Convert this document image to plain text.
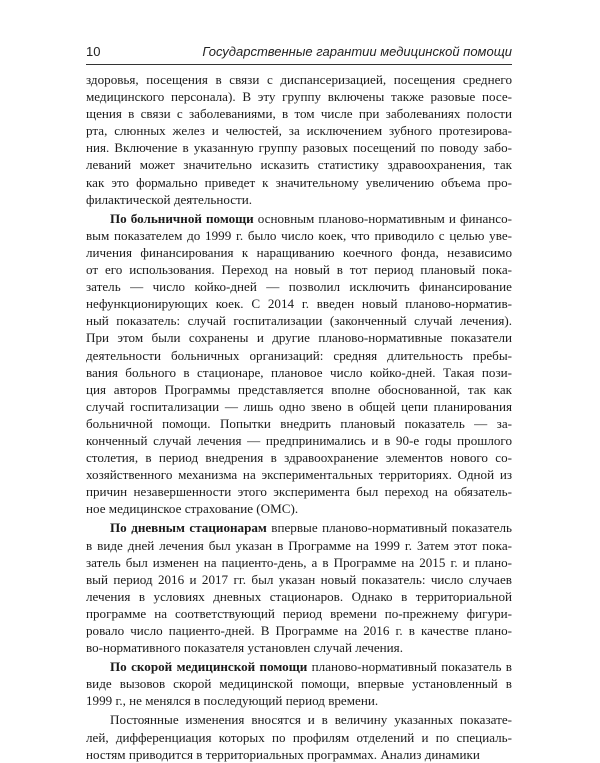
10	Государственные гарантии медицинской помощи
здоровья, посещения в связи с диспансеризацией, посещения среднего
медицинского персонала). В эту группу включены также разовые посе-
щения в связи с заболеваниями, в том числе при заболеваниях полости
рта, слюнных желез и челюстей, за исключением зубного протезирова-
ния. Включение в указанную группу разовых посещений по поводу забо-
леваний может значительно исказить статистику здравоохранения, так
как это формально приведет к значительному увеличению объема про-
филактической деятельности.
По больничной помощи основным планово-нормативным и финансо-
вым показателем до 1999 г. было число коек, что приводило с целью уве-
личения финансирования к наращиванию коечного фонда, независимо
от его использования. Переход на новый в тот период плановый пока-
затель — число койко-дней — позволил исключить финансирование
нефункционирующих коек. С 2014 г. введен новый планово-норматив-
ный показатель: случай госпитализации (законченный случай лечения).
При этом были сохранены и другие планово-нормативные показатели
деятельности больничных организаций: средняя длительность пребы-
вания больного в стационаре, плановое число койко-дней. Такая пози-
ция авторов Программы представляется вполне обоснованной, так как
случай госпитализации — лишь одно звено в общей цепи планирования
больничной помощи. Попытки внедрить плановый показатель — за-
конченный случай лечения — предпринимались и в 90-е годы прошлого
столетия, в период внедрения в здравоохранение элементов нового со-
хозяйственного механизма на экспериментальных территориях. Одной из
причин незавершенности этого эксперимента был переход на обязатель-
ное медицинское страхование (ОМС).
По дневным стационарам впервые планово-нормативный показатель
в виде дней лечения был указан в Программе на 1999 г. Затем этот пока-
затель был изменен на пациенто-день, а в Программе на 2015 г. и плано-
вый период 2016 и 2017 гг. был указан новый показатель: число случаев
лечения в условиях дневных стационаров. Однако в территориальной
программе на соответствующий период времени по-прежнему фигури-
ровало число пациенто-дней. В Программе на 2016 г. в качестве плано-
во-нормативного показателя установлен случай лечения.
По скорой медицинской помощи планово-нормативный показатель в
виде вызовов скорой медицинской помощи, впервые установленный в
1999 г., не менялся в последующий период времени.
Постоянные изменения вносятся и в величину указанных показате-
лей, дифференциация которых по профилям отделений и по специаль-
ностям приводится в территориальных программах. Анализ динамики
